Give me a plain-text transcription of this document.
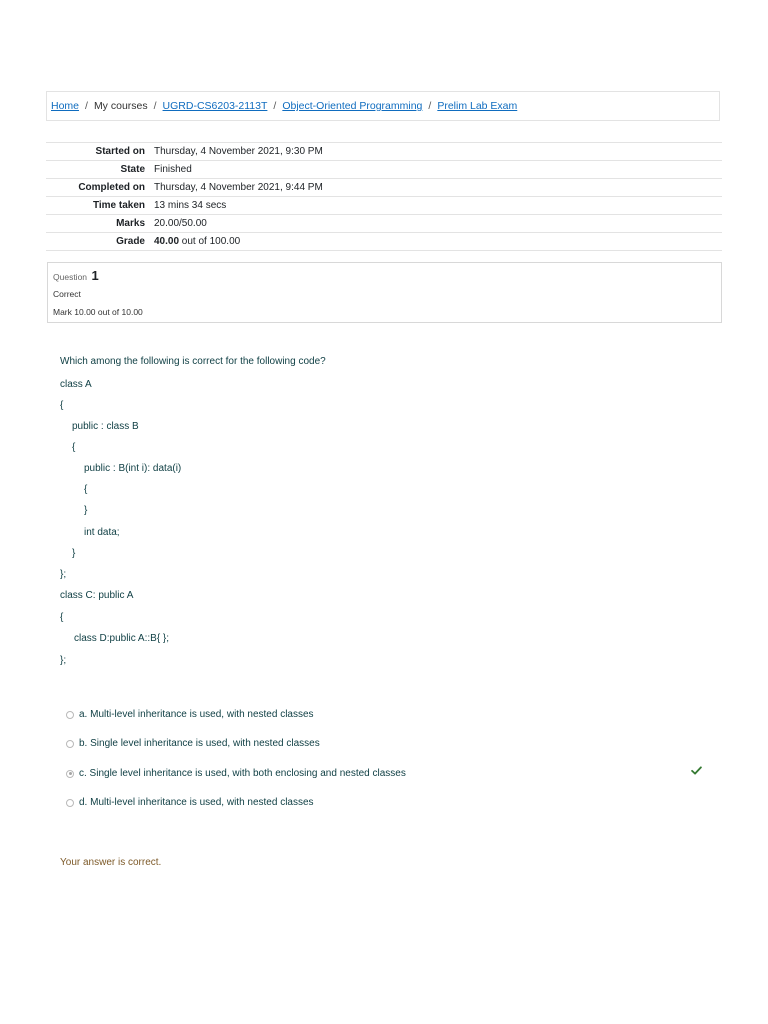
Home / My courses / UGRD-CS6203-2113T / Object-Oriented Programming / Prelim Lab Exam
Started on	Thursday, 4 November 2021, 9:30 PM
State	Finished
Completed on	Thursday, 4 November 2021, 9:44 PM
Time taken	13 mins 34 secs
Marks	20.00/50.00
Grade	40.00 out of 100.00
Question 1
Correct
Mark 10.00 out of 10.00
Which among the following is correct for the following code?
class A
{
public : class B
{
public : B(int i): data(i)
{
}
int data;
}
};
class C: public A
{
class D:public A::B{ };
};
a. Multi-level inheritance is used, with nested classes
b. Single level inheritance is used, with nested classes
c. Single level inheritance is used, with both enclosing and nested classes
d. Multi-level inheritance is used, with nested classes
Your answer is correct.
